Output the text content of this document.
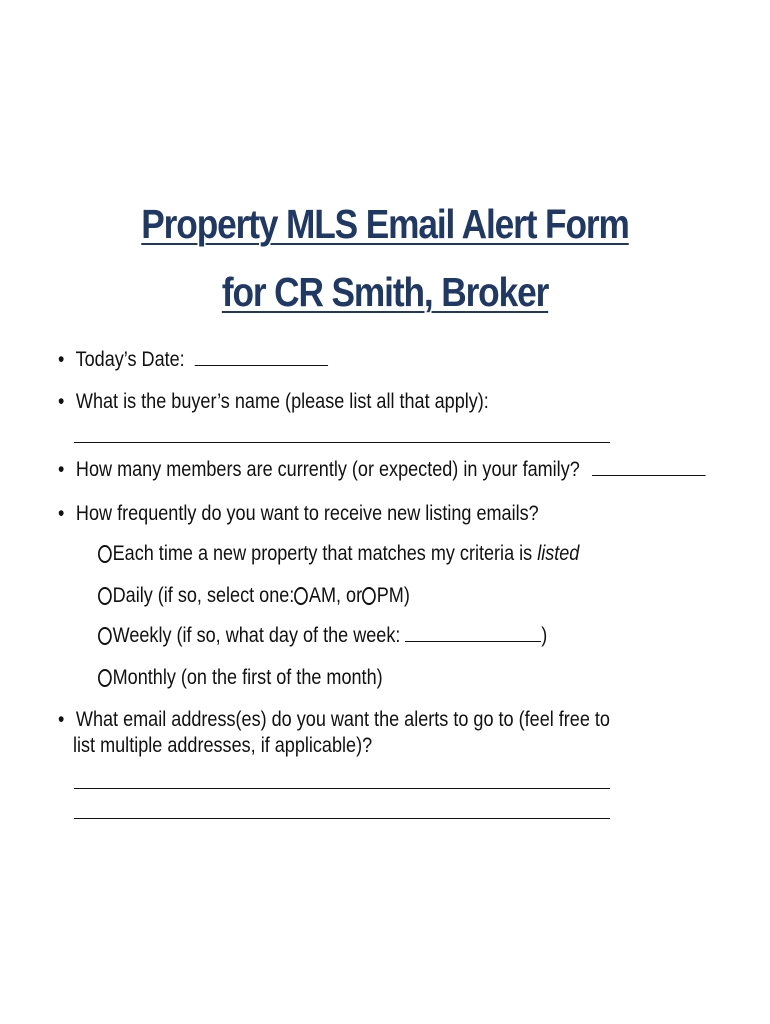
Property MLS Email Alert Form
for CR Smith, Broker
• Today’s Date:
• What is the buyer’s name (please list all that apply):
• How many members are currently (or expected) in your family?
• How frequently do you want to receive new listing emails?
Each time a new property that matches my criteria is listed
Daily (if so, select one: AM, or PM)
Weekly (if so, what day of the week:	)
Monthly (on the first of the month)
• What email address(es) do you want the alerts to go to (feel free to
list multiple addresses, if applicable)?
